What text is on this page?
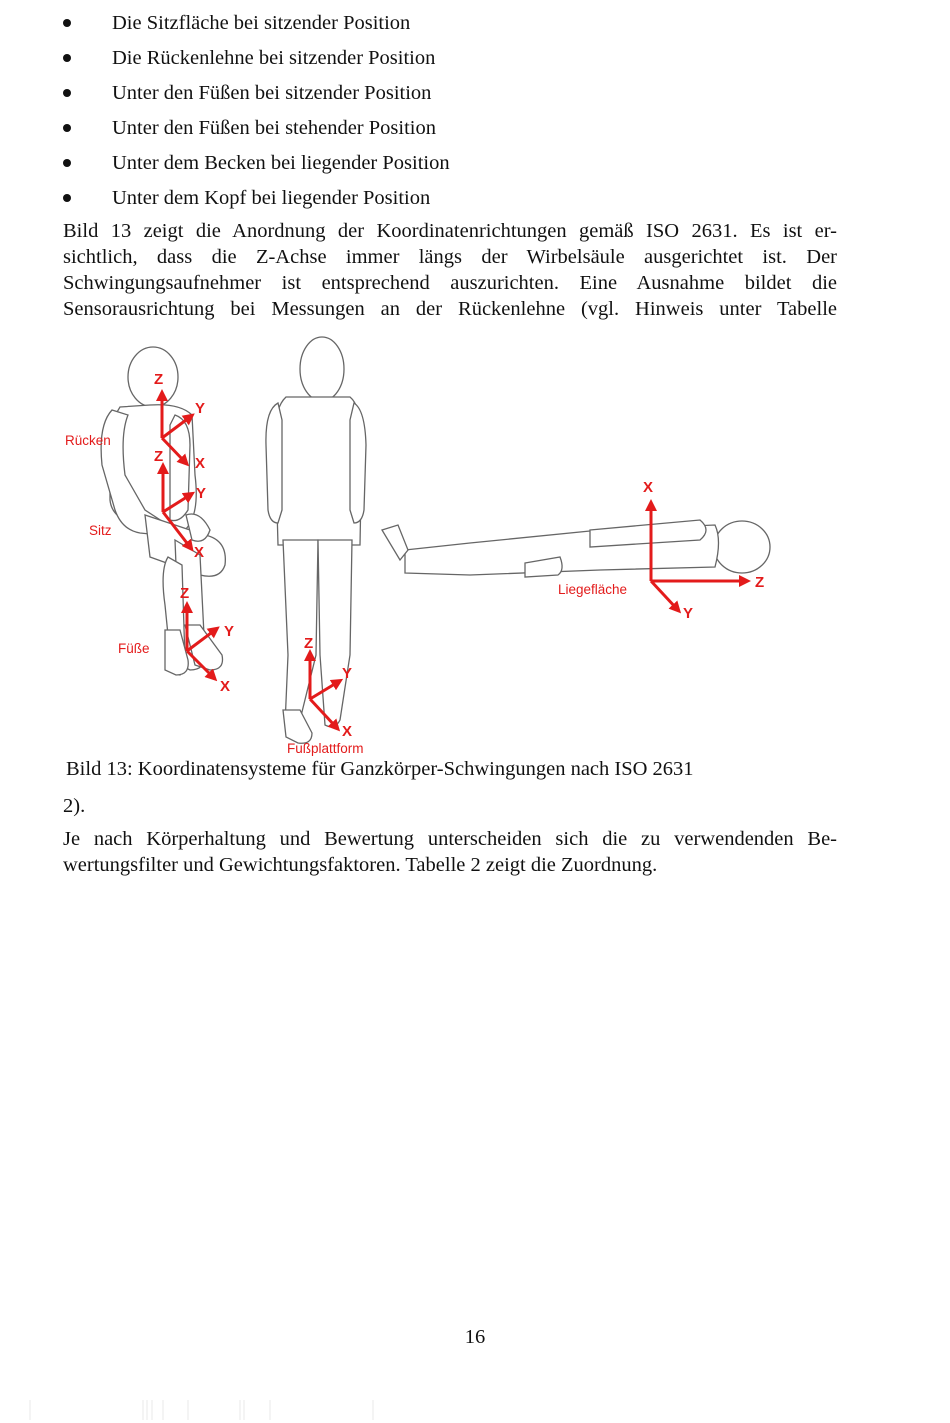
Die Sitzfläche bei sitzender Position
Die Rückenlehne bei sitzender Position
Unter den Füßen bei sitzender Position
Unter den Füßen bei stehender Position
Unter dem Becken bei liegender Position
Unter dem Kopf bei liegender Position
Bild 13 zeigt die Anordnung der Koordinatenrichtungen gemäß ISO 2631. Es ist er-
sichtlich, dass die Z-Achse immer längs der Wirbelsäule ausgerichtet ist. Der
Schwingungsaufnehmer ist entsprechend auszurichten. Eine Ausnahme bildet die
Sensorausrichtung bei Messungen an der Rückenlehne (vgl. Hinweis unter Tabelle
Z
Y
X
Z
Y
X
Z
Y
X
Z
Y
X
X
Z
Y
Rücken
Sitz
Füße
Fußplattform
Liegefläche
Bild 13: Koordinatensysteme für Ganzkörper-Schwingungen nach ISO 2631
2).
Je nach Körperhaltung und Bewertung unterscheiden sich die zu verwendenden Be-
wertungsfilter und Gewichtungsfaktoren. Tabelle 2 zeigt die Zuordnung.
16
